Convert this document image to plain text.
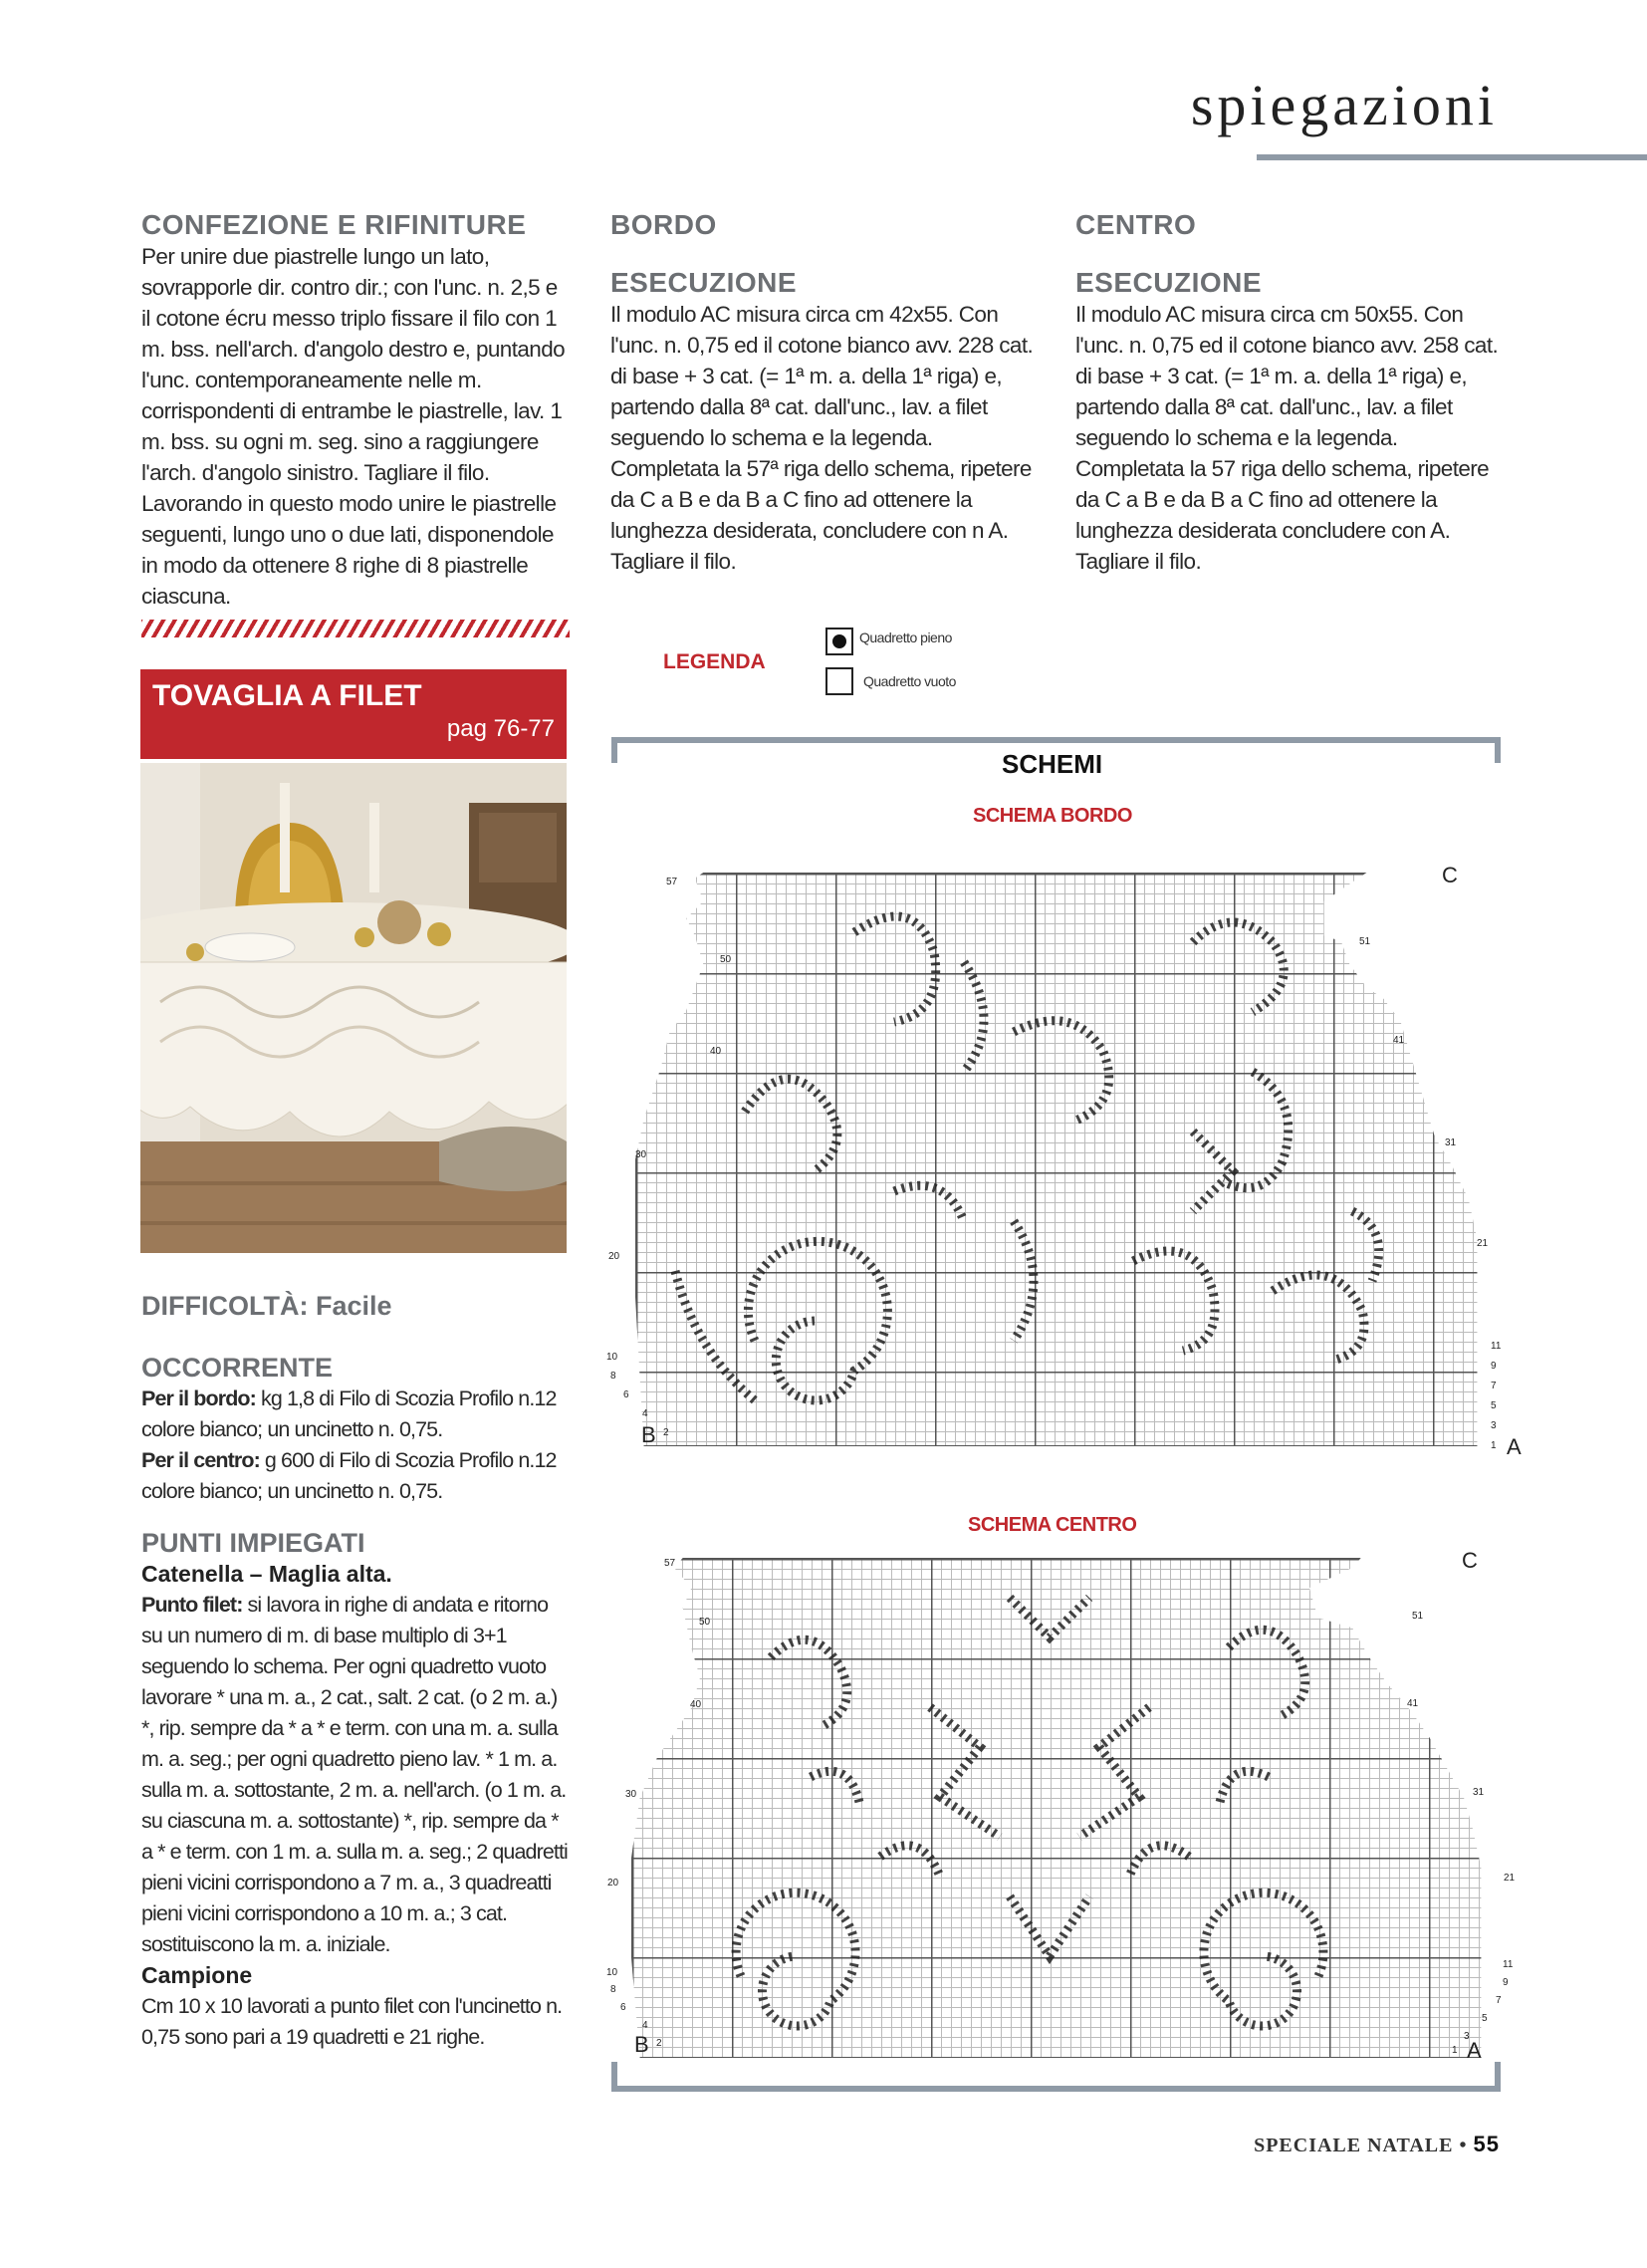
spiegazioni

CONFEZIONE E RIFINITURE

Per unire due piastrelle lungo un lato, sovrapporle dir. contro dir.; con l'unc. n. 2,5 e il cotone écru messo triplo fissare il filo con 1 m. bss. nell'arch. d'angolo destro e, puntando l'unc. contemporaneamente nelle m. corrispondenti di entrambe le piastrelle, lav. 1 m. bss. su ogni m. seg. sino a raggiungere l'arch. d'angolo sinistro. Tagliare il filo. Lavorando in questo modo unire le piastrelle seguenti, lungo uno o due lati, disponendole in modo da ottenere 8 righe di 8 piastrelle ciascuna.

BORDO

ESECUZIONE

Il modulo AC misura circa cm 42x55. Con l'unc. n. 0,75 ed il cotone bianco avv. 228 cat. di base + 3 cat. (= 1ª m. a. della 1ª riga) e, partendo dalla 8ª cat. dall'unc., lav. a filet seguendo lo schema e la legenda. Completata la 57ª riga dello schema, ripetere da C a B e da B a C fino ad ottenere la lunghezza desiderata, concludere con n A. Tagliare il filo.

CENTRO

ESECUZIONE

Il modulo AC misura circa cm 50x55. Con l'unc. n. 0,75 ed il cotone bianco avv. 258 cat. di base + 3 cat. (= 1ª m. a. della 1ª riga) e, partendo dalla 8ª cat. dall'unc., lav. a filet seguendo lo schema e la legenda. Completata la 57 riga dello schema, ripetere da C a B e da B a C fino ad ottenere la lunghezza desiderata concludere con A. Tagliare il filo.

TOVAGLIA A FILET
pag 76-77

DIFFICOLTÀ: Facile

OCCORRENTE

Per il bordo: kg 1,8 di Filo di Scozia Profilo n.12 colore bianco; un uncinetto n. 0,75.

Per il centro: g 600 di Filo di Scozia Profilo n.12 colore bianco; un uncinetto n. 0,75.

PUNTI IMPIEGATI

Catenella – Maglia alta.

Punto filet: si lavora in righe di andata e ritorno su un numero di m. di base multiplo di 3+1 seguendo lo schema. Per ogni quadretto vuoto lavorare * una m. a., 2 cat., salt. 2 cat. (o 2 m. a.) *, rip. sempre da * a * e term. con una m. a. sulla m. a. seg.; per ogni quadretto pieno lav. * 1 m. a. sulla m. a. sottostante, 2 m. a. nell'arch. (o 1 m. a. su ciascuna m. a. sottostante) *, rip. sempre da * a * e term. con 1 m. a. sulla m. a. seg.; 2 quadretti pieni vicini corrispondono a 7 m. a., 3 quadreatti pieni vicini corrispondono a 10 m. a.; 3 cat. sostituiscono la m. a. iniziale.

Campione

Cm 10 x 10 lavorati a punto filet con l'uncinetto n. 0,75 sono pari a 19 quadretti e 21 righe.

LEGENDA
Quadretto pieno
Quadretto vuoto
SCHEMI
SCHEMA BORDO
57
50
40
30
20
10
8
6
4
2
51
41
31
21
11
9
7
5
3
1
C
B	A
SCHEMA CENTRO
57
50
40
30
20
10
8
6
4
2
51
41
31
21
11
9
7
5
3
1
C
B	A
SPECIALE NATALE • 55
